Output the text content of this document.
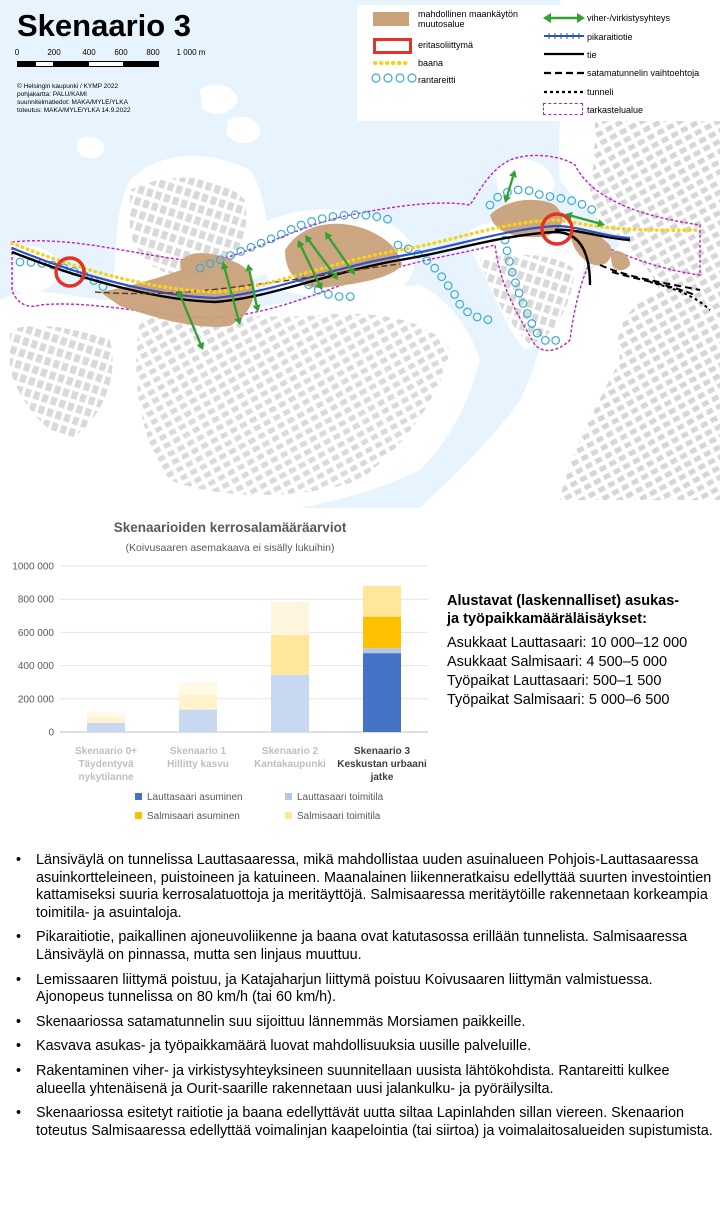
Skenaario 3
0	200	400 600 800 1 000 m
© Helsingin kaupunki / KYMP 2022
pohjakartta: PALU/KAMI
suunnitelmatiedot: MAKA/MYLE/YLKA
toteutus: MAKA/MYLE/YLKA 14.9.2022
mahdollinen maankäytön muutosalue
eritasoliittymä
baana
rantareitti
viher-/virkistysyhteys
pikaraitiotie
tie
satamatunnelin vaihtoehtoja
tunneli
tarkastelualue
Skenaarioiden kerrosalamääräarviot
(Koivusaaren asemakaava ei sisälly lukuihin)
0
200 000
400 000
600 000
800 000
1000 000
Skenaario 0+
Täydentyvä
nykytilanne
Skenaario 1
Hillitty kasvu
Skenaario 2
Kantakaupunki
Skenaario 3
Keskustan urbaani
jatke
Lauttasaari asuminen	Lauttasaari toimitila
Salmisaari asuminen	Salmisaari toimitila
Alustavat (laskennalliset) asukas-
ja työpaikkamääräläisäykset:
Asukkaat Lauttasaari: 10 000–12 000
Asukkaat Salmisaari: 4 500–5 000
Työpaikat Lauttasaari: 500–1 500
Työpaikat Salmisaari: 5 000–6 500
• Länsiväylä on tunnelissa Lauttasaaressa, mikä mahdollistaa uuden asuinalueen Pohjois-Lauttasaaressa asuinkortteleineen, puistoineen ja katuineen. Maanalainen liikenneratkaisu edellyttää suurten investointien kattamiseksi suuria kerrosalatuottoja ja meritäyttöjä. Salmisaaressa meritäytöille rakennetaan korkeampia toimitila- ja asuintaloja.
• Pikaraitiotie, paikallinen ajoneuvoliikenne ja baana ovat katutasossa erillään tunnelista. Salmisaaressa Länsiväylä on pinnassa, mutta sen linjaus muuttuu.
• Lemissaaren liittymä poistuu, ja Katajaharjun liittymä poistuu Koivusaaren liittymän valmistuessa. Ajonopeus tunnelissa on 80 km/h (tai 60 km/h).
• Skenaariossa satamatunnelin suu sijoittuu lännemmäs Morsiamen paikkeille.
• Kasvava asukas- ja työpaikkamäärä luovat mahdollisuuksia uusille palveluille.
• Rakentaminen viher- ja virkistysyhteyksineen suunnitellaan uusista lähtökohdista. Rantareitti kulkee alueella yhtenäisenä ja Ourit-saarille rakennetaan uusi jalankulku- ja pyöräilysilta.
• Skenaariossa esitetyt raitiotie ja baana edellyttävät uutta siltaa Lapinlahden sillan viereen. Skenaarion toteutus Salmisaaressa edellyttää voimalinjan kaapelointia (tai siirtoa) ja voimalaitosalueiden supistumista.
